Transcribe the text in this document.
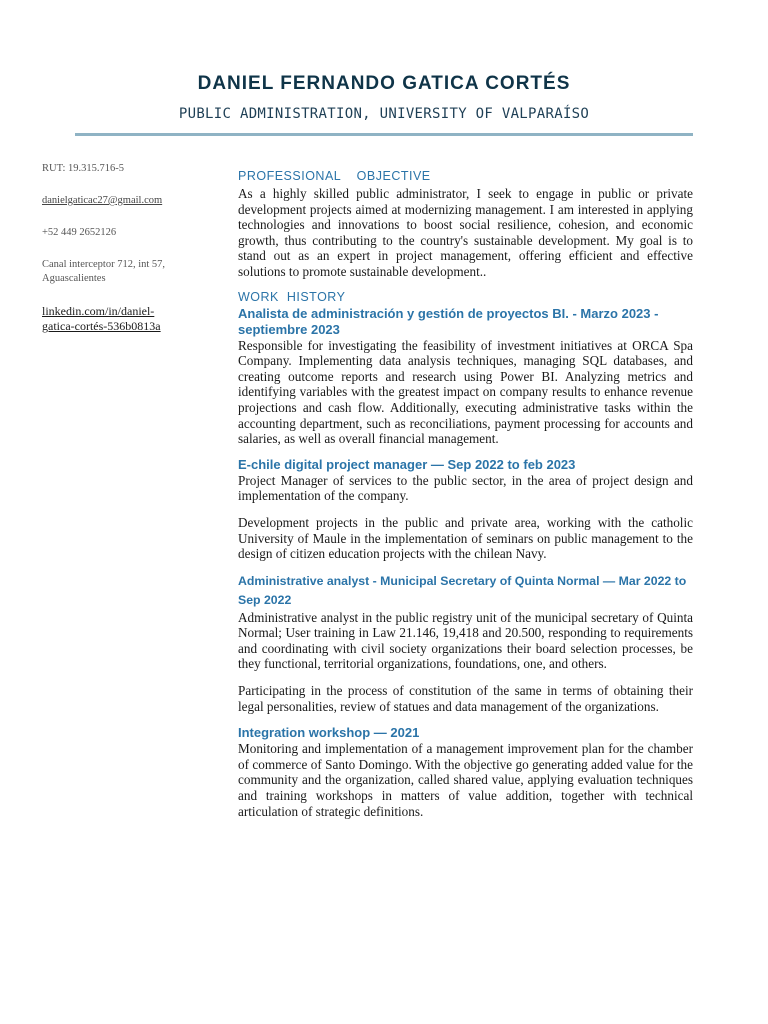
DANIEL FERNANDO GATICA CORTÉS
PUBLIC ADMINISTRATION, UNIVERSITY OF VALPARAÍSO
RUT: 19.315.716-5
danielgaticac27@gmail.com
+52 449 2652126
Canal interceptor 712, int 57,
Aguascalientes
linkedin.com/in/daniel-
gatica-cortés-536b0813a
PROFESSIONAL    OBJECTIVE

As a highly skilled public administrator, I seek to engage in public or private development projects aimed at modernizing management. I am interested in applying technologies and innovations to boost social resilience, cohesion, and economic growth, thus contributing to the country's sustainable development. My goal is to stand out as an expert in project management, offering efficient and effective solutions to promote sustainable development..

WORK  HISTORY
Analista de administración y gestión de proyectos BI. - Marzo 2023 - septiembre 2023

Responsible for investigating the feasibility of investment initiatives at ORCA Spa Company. Implementing data analysis techniques, managing SQL databases, and creating outcome reports and research using Power BI. Analyzing metrics and identifying variables with the greatest impact on company results to enhance revenue projections and cash flow. Additionally, executing administrative tasks within the accounting department, such as reconciliations, payment processing for accounts and salaries, as well as overall financial management.

E-chile digital project manager — Sep 2022 to feb 2023

Project Manager of services to the public sector, in the area of project design and implementation of the company.

Development projects in the public and private area, working with the catholic University of Maule in the implementation of seminars on public management to the design of citizen education projects with the chilean Navy.

Administrative analyst - Municipal Secretary of Quinta Normal — Mar 2022 to Sep 2022

Administrative analyst in the public registry unit of the municipal secretary of Quinta Normal; User training in Law 21.146, 19,418 and 20.500, responding to requirements and coordinating with civil society organizations their board selection processes, be they functional, territorial organizations, foundations, one, and others.

Participating in the process of constitution of the same in terms of obtaining their legal personalities, review of statues and data management of the organizations.

Integration workshop — 2021

Monitoring and implementation of a management improvement plan for the chamber of commerce of Santo Domingo. With the objective go generating added value for the community and the organization, called shared value, applying evaluation techniques and training workshops in matters of value addition, together with technical articulation of strategic definitions.
